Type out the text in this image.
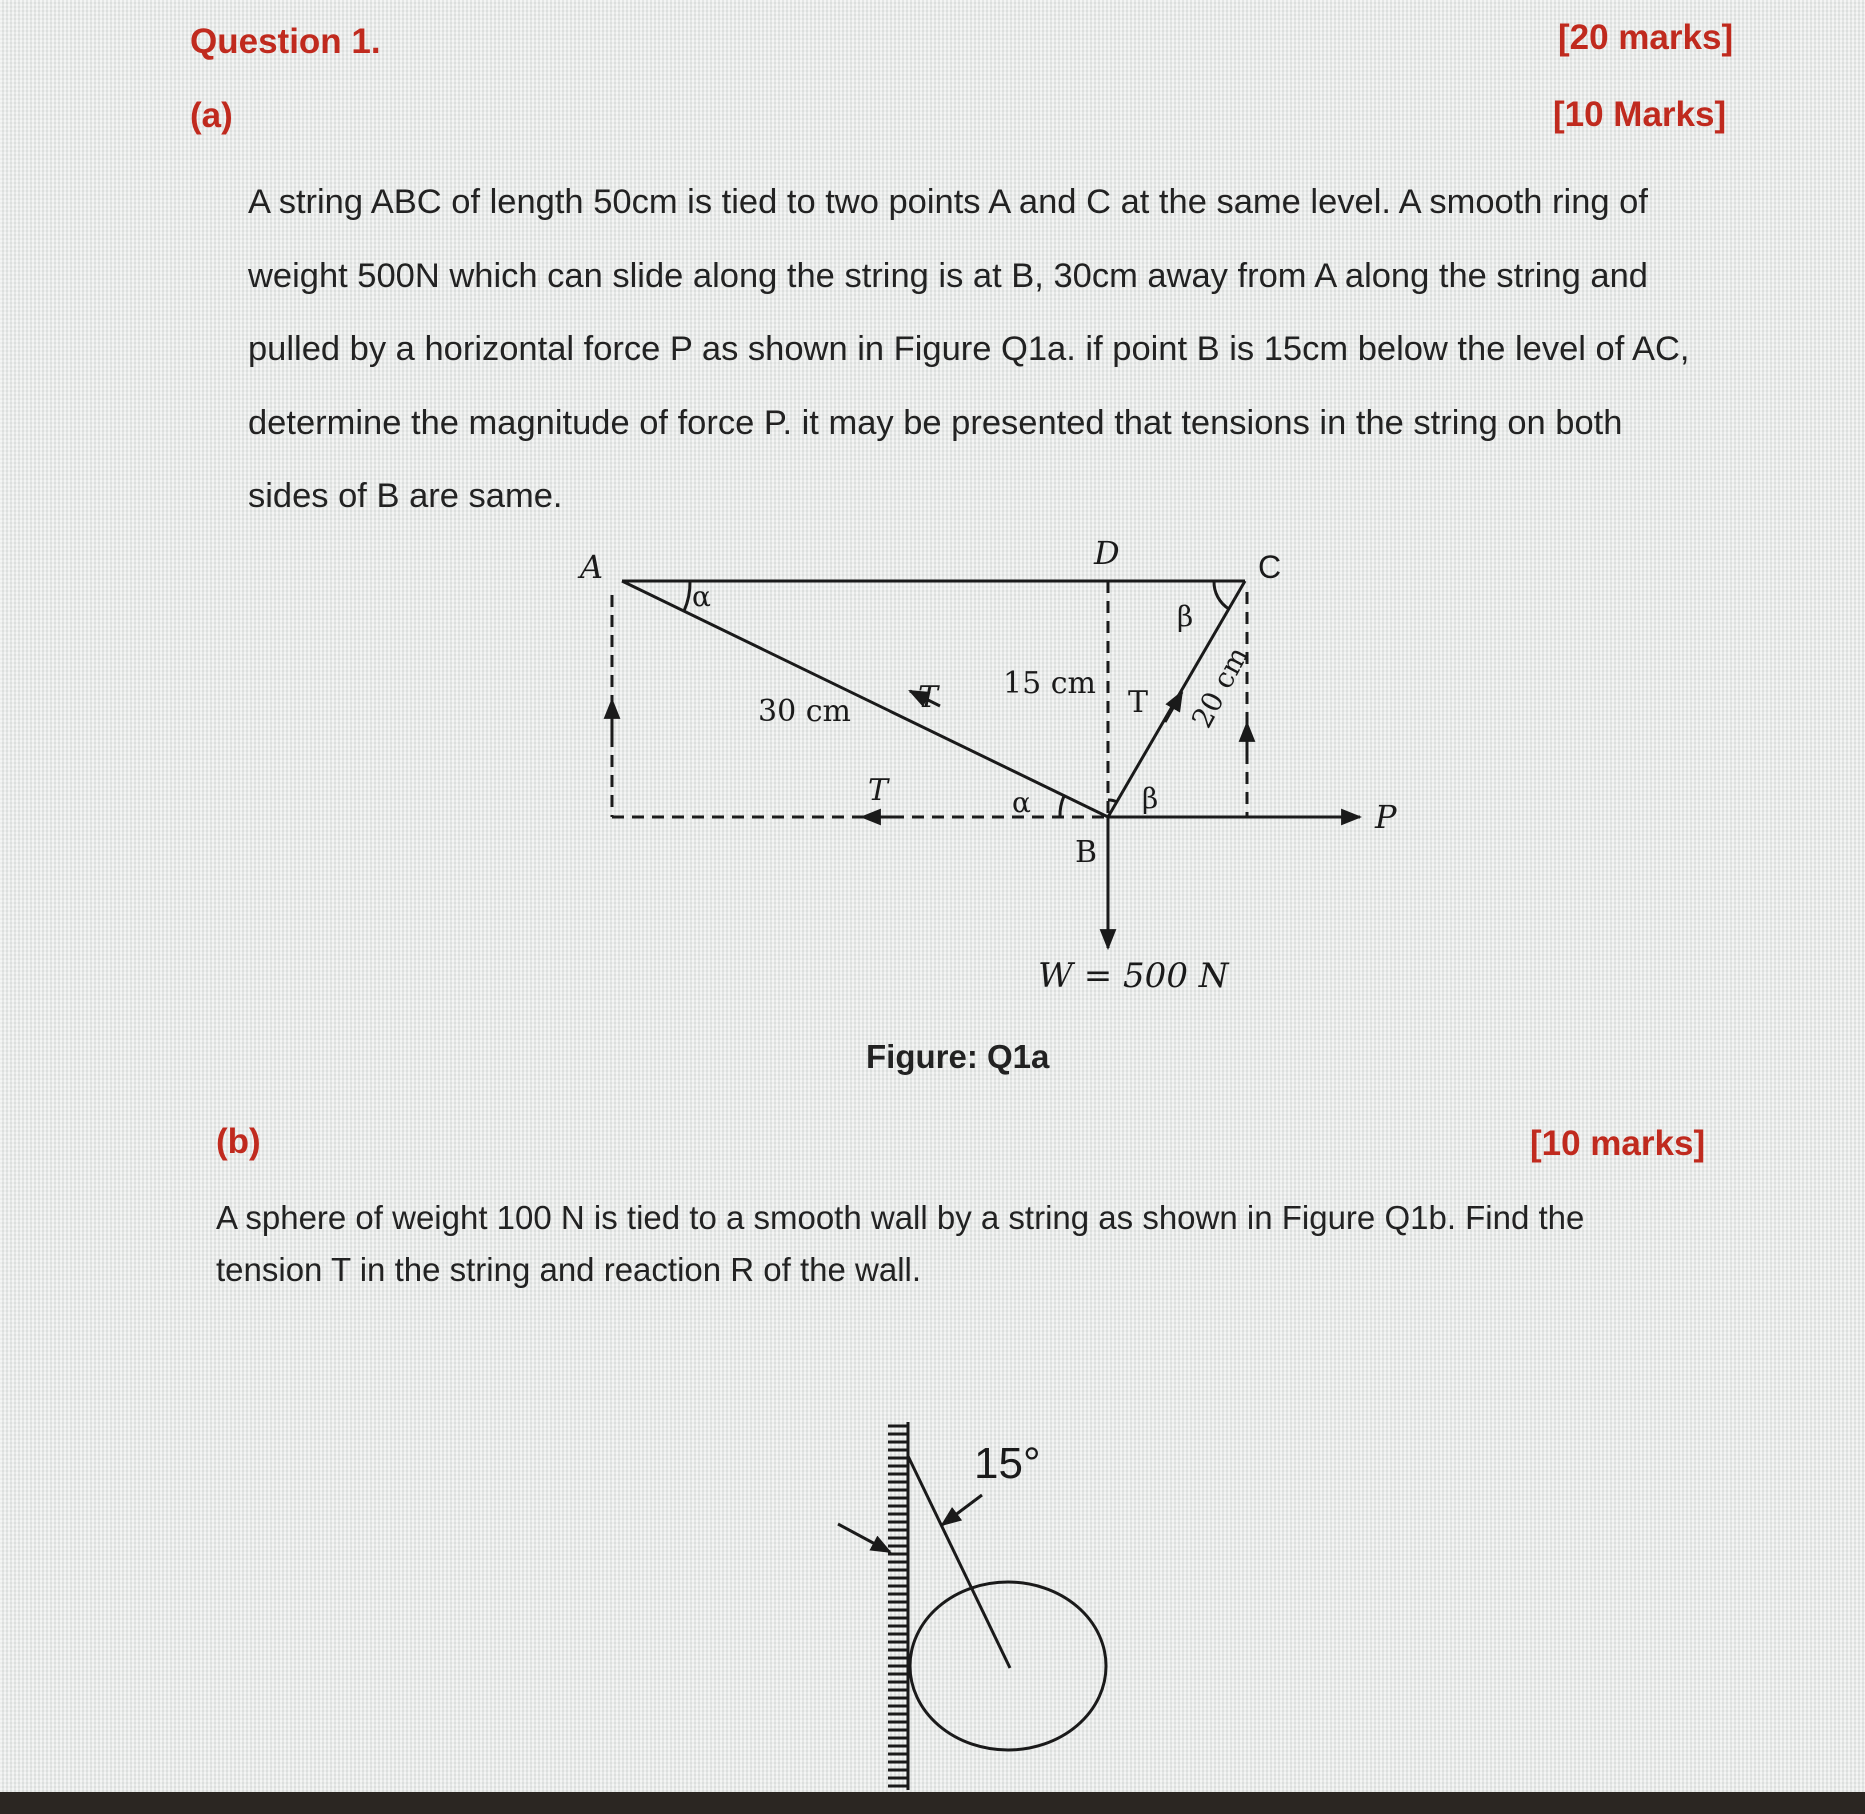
Question 1.	[20 marks]
(a)	[10 Marks]
A string ABC of length 50cm is tied to two points A and C at the same level. A smooth ring of
weight 500N which can slide along the string is at B, 30cm away from A along the string and
pulled by a horizontal force P as shown in Figure Q1a. if point B is 15cm below the level of AC,
determine the magnitude of force P. it may be presented that tensions in the string on both
sides of B are same.
A	D	C
B
α
α
β
β
30 cm
15 cm	20 cm
T
T
T
P
W = 500 N
15°
Figure: Q1a
(b)	[10 marks]
A sphere of weight 100 N is tied to a smooth wall by a string as shown in Figure Q1b. Find the
tension T in the string and reaction R of the wall.
